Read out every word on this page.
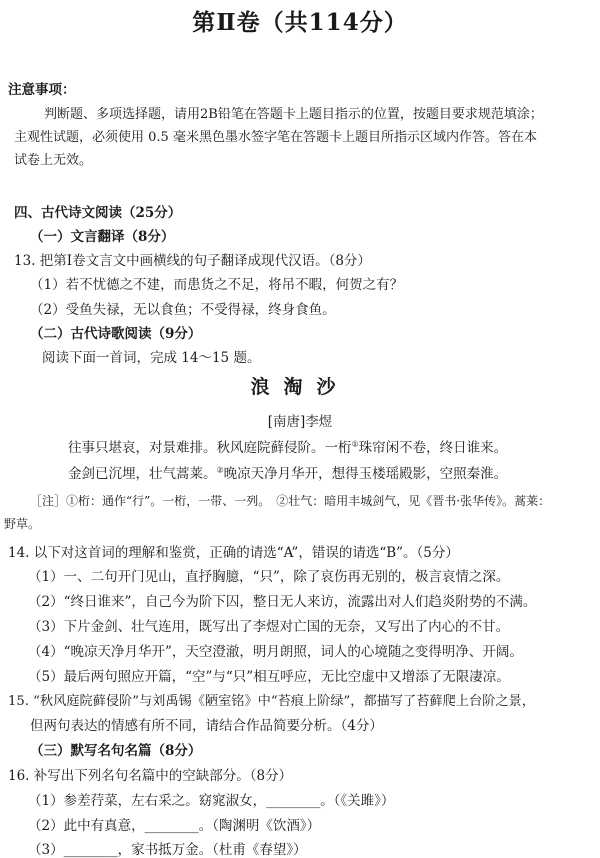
第Ⅱ卷（共114分）
注意事项：
判断题、多项选择题，请用2B铅笔在答题卡上题目指示的位置，按题目要求规范填涂；
主观性试题，必须使用 0.5 毫米黑色墨水签字笔在答题卡上题目所指示区域内作答。答在本
试卷上无效。
四、古代诗文阅读（25分）
（一）文言翻译（8分）
13. 把第Ⅰ卷文言文中画横线的句子翻译成现代汉语。（8分）
（1）若不忧德之不建，而患货之不足，将吊不暇，何贺之有？
（2）受鱼失禄，无以食鱼；不受得禄，终身食鱼。
（二）古代诗歌阅读（9分）
阅读下面一首词，完成 14～15 题。
浪淘沙
[南唐]李煜
往事只堪哀，对景难排。秋风庭院藓侵阶。一桁①珠帘闲不卷，终日谁来。
金剑已沉埋，壮气蒿莱。②晚凉天净月华开，想得玉楼瑶殿影，空照秦淮。
［注］①桁：通作“行”。一桁，一带、一列。　②壮气：暗用丰城剑气，见《晋书·张华传》。蒿莱：
野草。
14. 以下对这首词的理解和鉴赏，正确的请选“A”，错误的请选“B”。（5分）
（1）一、二句开门见山，直抒胸臆，“只”，除了哀伤再无别的，极言哀情之深。
（2）“终日谁来”，自己今为阶下囚，整日无人来访，流露出对人们趋炎附势的不满。
（3）下片金剑、壮气连用，既写出了李煜对亡国的无奈，又写出了内心的不甘。
（4）“晚凉天净月华开”，天空澄澈，明月朗照，词人的心境随之变得明净、开阔。
（5）最后两句照应开篇，“空”与“只”相互呼应，无比空虚中又增添了无限凄凉。
15. “秋风庭院藓侵阶”与刘禹锡《陋室铭》中“苔痕上阶绿”，都描写了苔藓爬上台阶之景，
但两句表达的情感有所不同，请结合作品简要分析。（4分）
（三）默写名句名篇（8分）
16. 补写出下列名句名篇中的空缺部分。（8分）
（1）参差荇菜，左右采之。窈窕淑女，________。（《关雎》）
（2）此中有真意，________。（陶渊明《饮酒》）
（3）________，家书抵万金。（杜甫《春望》）
